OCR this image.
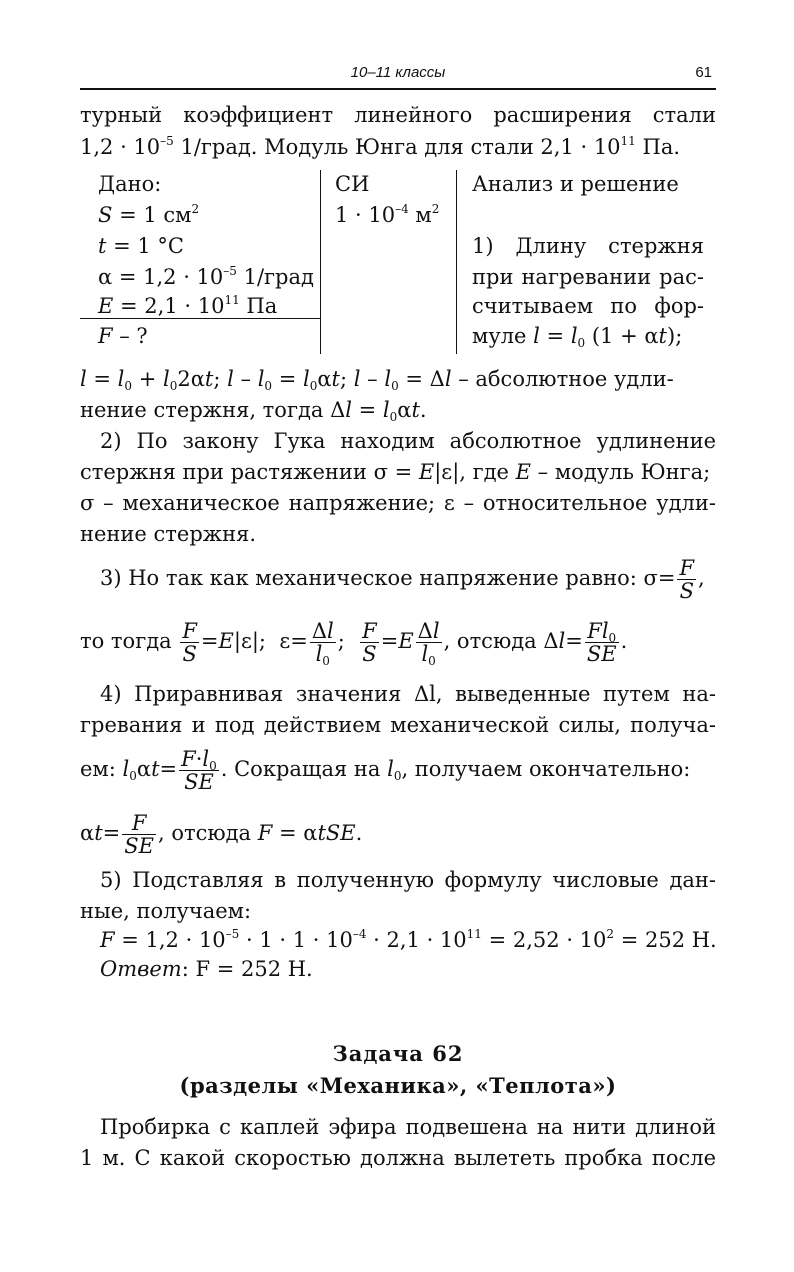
10–11 классы	61
турный коэффициент линейного расширения стали
$1,2 \cdot 10^{-5}$ 1/град. Модуль Юнга для стали $2,1 \cdot 10^{11}$ Па.
Дано:
S = 1 $см^2$
t = 1 °С
$\alpha = 1,2 \cdot 10^{-5}$ 1/град
$E = 2,1 \cdot 10^{11}$ Па
F – ?
СИ
$1 \cdot 10^{-4}$ $м^2$
Анализ и решение
1) Длину стержня
при нагревании рас-
считываем по фор-
муле $l = l_0$ (1 + αt);
$l = l_0 + l_02\alpha t$; $l - l_0 = l_0\alpha t$; $l - l_0 = \Delta l$ – абсолютное удли-
нение стержня, тогда $\Delta l = l_0\alpha t$.
2) По закону Гука находим абсолютное удлинение
стержня при растяжении σ = E|ε|, где E – модуль Юнга;
σ – механическое напряжение; ε – относительное удли-
нение стержня.
3) Но так как механическое напряжение равно: $\sigma= \frac{F}{S}$ ,
то тогда $\frac{F}{S} =E|\varepsilon|$;  $\varepsilon= \frac{\Delta l}{l_0}$ ; $\frac{F}{S} =E \frac{\Delta l}{l_0}$ , отсюда $\Delta l= \frac{Fl_0}{SE}$ .
4) Приравнивая значения Δl, выведенные путем на-
гревания и под действием механической силы, получа-
ем: $l_0\alpha t= \frac{F\cdot l_0}{SE}$ . Сокращая на $l_0$, получаем окончательно:
$\alpha t= \frac{F}{SE}$ , отсюда F = αtSE.
5) Подставляя в полученную формулу числовые дан-
ные, получаем:
$F = 1,2 \cdot 10^{-5} \cdot 1 \cdot 1 \cdot 10^{-4} \cdot 2,1 \cdot 10^{11} = 2,52 \cdot 10^2 = 252$ Н.
Ответ: F = 252 Н.
Задача 62
(разделы «Механика», «Теплота»)
Пробирка с каплей эфира подвешена на нити длиной
1 м. С какой скоростью должна вылететь пробка после
